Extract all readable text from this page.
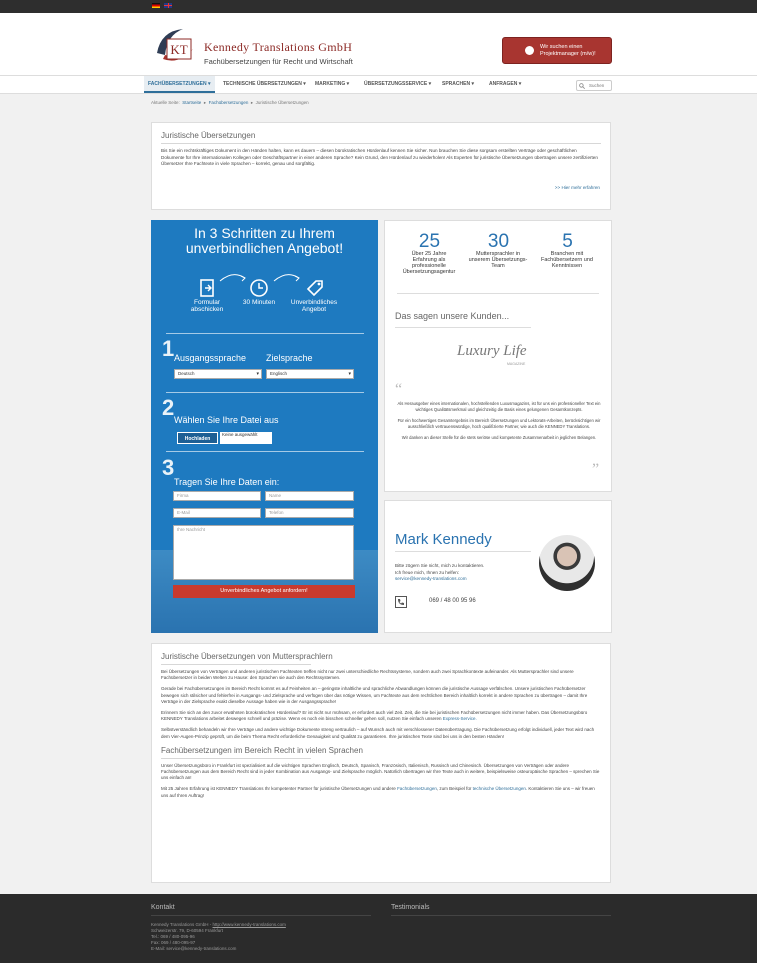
KT Kennedy Translations GmbH
Fachübersetzungen für Recht und Wirtschaft
Wir suchen einen
Projektmanager (m/w)!
FACHÜBERSETZUNGEN ▾	TECHNISCHE ÜBERSETZUNGEN ▾ MARKETING ▾	ÜBERSETZUNGSSERVICE ▾ SPRACHEN ▾	ANFRAGEN ▾	Suchen
Aktuelle Seite: Startseite  ▸  Fachübersetzungen  ▸  Juristische Übersetzungen
Juristische Übersetzungen
Bis Sie ein rechtskräftiges Dokument in den Händen halten, kann es dauern – diesen bürokratischen Hürdenlauf kennen Sie sicher. Nun brauchen Sie diese sorgsam erstellten Verträge oder geschäftlichen Dokumente für Ihre internationalen Kollegen oder Geschäftspartner in einer anderen Sprache? Kein Grund, den Hürdenlauf zu wiederholen! Als Experten für juristische Übersetzungen übertragen unsere zertifizierten Übersetzer Ihre Fachtexte in viele Sprachen – korrekt, genau und sorgfältig.
>> Hier mehr erfahren
In 3 Schritten zu Ihrem
unverbindlichen Angebot!
Formular abschicken
30 Minuten	Unverbindliches Angebot
1 Ausgangssprache Zielsprache
Deutsch ▾	Englisch ▾
2 Wählen Sie Ihre Datei aus
3
Tragen Sie Ihre Daten ein:
Firma	Name
E-Mail	Telefon
Ihre Nachricht
Hochladen
Keine ausgewählt
Unverbindliches Angebot anfordern!
25
Über 25 Jahre Erfahrung als professionelle Übersetzungsagentur
30
Muttersprachler in unserem Übersetzungs-Team
5
Branchen mit Fachübersetzern und Kenntnissen
Das sagen unsere Kunden...
Luxury Life
MAGAZINE
“
Als Herausgeber eines internationalen, hochstellenden Luxusmagazins, ist für uns ein professioneller Text ein wichtiges Qualitätsmerkmal und gleichzeitig die Basis eines gelungenen Gesamtkonzepts.
Für ein hochwertiges Gesamtergebnis im Bereich Übersetzungen und Lektorats-Arbeiten, berücksichtigen wir ausschließlich vertrauenswürdige, hoch qualifizierte Partner, wie auch die KENNEDY Translations.
Wir danken an dieser Stelle für die stets seriöse und kompetente Zusammenarbeit in jeglichen Belangen.
”
Mark Kennedy
Bitte zögern Sie nicht, mich zu kontaktieren.
Ich freue mich, Ihnen zu helfen:
service@kennedy-translations.com
069 / 48 00 95 96
Juristische Übersetzungen von Muttersprachlern

Bei Übersetzungen von Verträgen und anderen juristischen Fachtexten treffen nicht nur zwei unterschiedliche Rechtssysteme, sondern auch zwei Sprachkontexte aufeinander. Als Muttersprachler sind unsere Fachübersetzer in beiden Welten zu Hause: den Sprachen sie auch den Rechtssystemen.

Gerade bei Fachübersetzungen im Bereich Recht kommt es auf Feinheiten an – geringste inhaltliche und sprachliche Abwandlungen können die juristische Aussage verfälschen. Unsere juristischen Fachübersetzer bewegen sich stilsicher und fehlerfrei in Ausgangs- und Zielsprache und verfügen über das nötige Wissen, um Fachtexte aus dem rechtlichen Bereich inhaltlich korrekt in andere Sprachen zu übertragen – damit Ihre Verträge in der Zielsprache exakt dieselbe Aussage haben wie in der Ausgangssprache!

Erinnern Sie sich an den zuvor erwähnten bürokratischen Hürdenlauf? Er ist nicht nur mühsam, er erfordert auch viel Zeit. Zeit, die Sie bei juristischen Fachübersetzungen nicht immer haben. Das Übersetzungsbüro KENNEDY Translations arbeitet deswegen schnell und präzise. Wenn es noch ein bisschen schneller gehen soll, nutzen Sie einfach unseren Express-Service.

Selbstverständlich behandeln wir Ihre Verträge und andere wichtige Dokumente streng vertraulich – auf Wunsch auch mit verschlossener Datenübertragung. Die Fachübersetzung erfolgt individuell, jeder Text wird nach dem Vier-Augen-Prinzip geprüft, um die beim Thema Recht erforderliche Genauigkeit und Qualität zu garantieren. Ihre juristischen Texte sind bei uns in den besten Händen!

Fachübersetzungen im Bereich Recht in vielen Sprachen

Unser Übersetzungsbüro in Frankfurt ist spezialisiert auf die wichtigen Sprachen Englisch, Deutsch, Spanisch, Französisch, Italienisch, Russisch und Chinesisch. Übersetzungen von Verträgen oder andere Fachübersetzungen aus dem Bereich Recht sind in jeder Kombination aus Ausgangs- und Zielsprache möglich. Natürlich übertragen wir Ihre Texte auch in weitere, beispielsweise osteuropäische Sprachen – sprechen Sie uns einfach an!

Mit 25 Jahren Erfahrung ist KENNEDY Translations Ihr kompetenter Partner für juristische Übersetzungen und andere Fachübersetzungen, zum Beispiel für technische Übersetzungen. Kontaktieren Sie uns – wir freuen uns auf Ihren Auftrag!

Kontakt	Testimonials
Kennedy Translations GmbH - http://www.kennedy-translations.com
Schweizerstr. 79, D-60594 Frankfurt
Tel.: 069 / 480-095-96
Fax: 069 / 480-095-97
E-Mail: service@kennedy-translations.com
